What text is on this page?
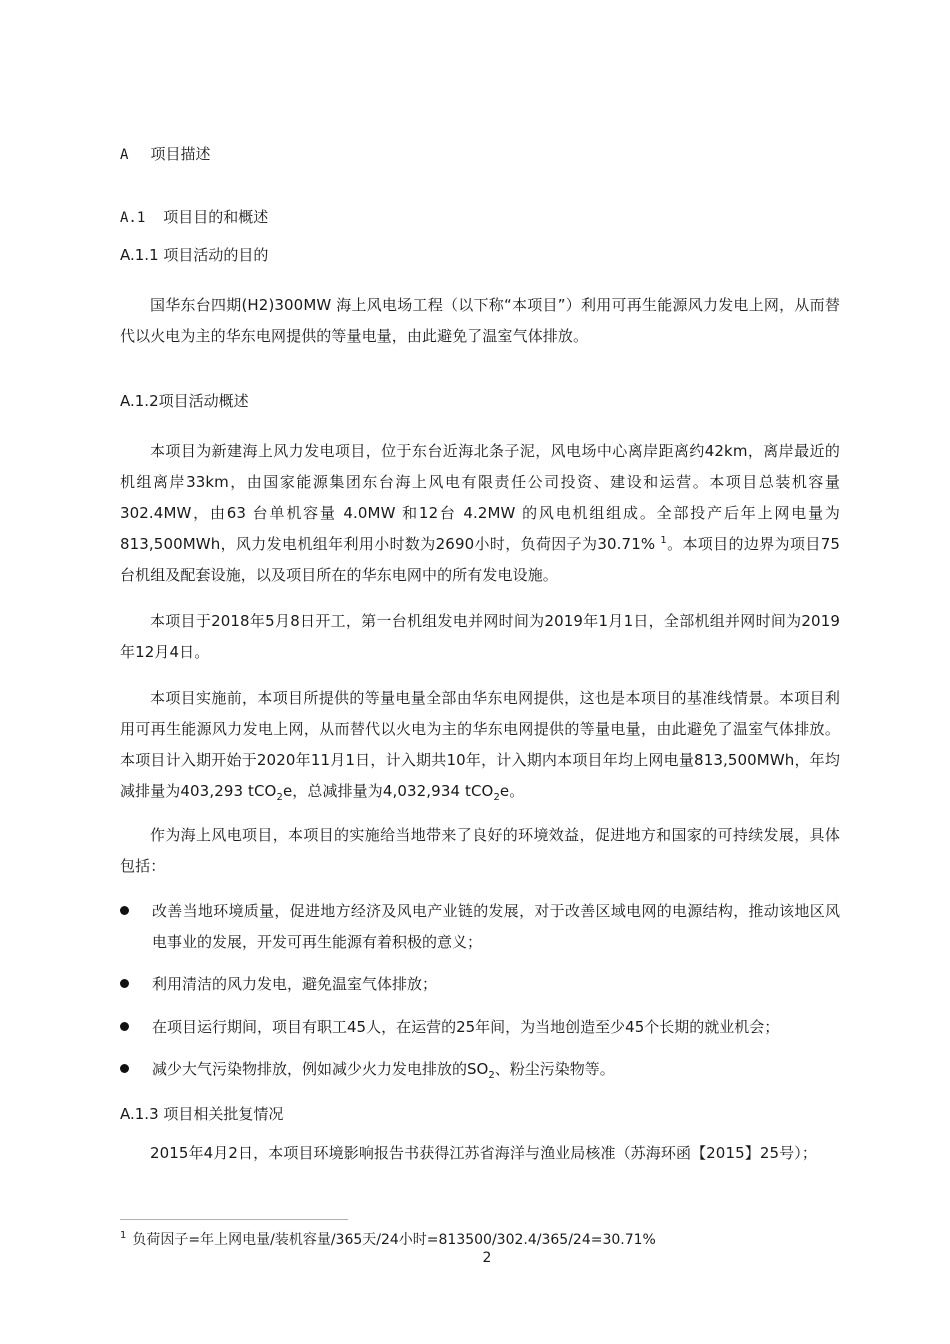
A 项目描述
A.1 项目目的和概述
A.1.1 项目活动的目的

国华东台四期(H2)300MW 海上风电场工程（以下称“本项目”）利用可再生能源风力发电上网，从而替代以火电为主的华东电网提供的等量电量，由此避免了温室气体排放。

A.1.2项目活动概述

本项目为新建海上风力发电项目，位于东台近海北条子泥，风电场中心离岸距离约42km，离岸最近的机组离岸33km，由国家能源集团东台海上风电有限责任公司投资、建设和运营。本项目总装机容量302.4MW，由63 台单机容量 4.0MW 和12台 4.2MW 的风电机组组成。全部投产后年上网电量为813,500MWh，风力发电机组年利用小时数为2690小时，负荷因子为30.71% $^1$。本项目的边界为项目75台机组及配套设施，以及项目所在的华东电网中的所有发电设施。

本项目于2018年5月8日开工，第一台机组发电并网时间为2019年1月1日，全部机组并网时间为2019年12月4日。

本项目实施前，本项目所提供的等量电量全部由华东电网提供，这也是本项目的基准线情景。本项目利用可再生能源风力发电上网，从而替代以火电为主的华东电网提供的等量电量，由此避免了温室气体排放。本项目计入期开始于2020年11月1日，计入期共10年，计入期内本项目年均上网电量813,500MWh，年均减排量为403,293 tCO$_2$e，总减排量为4,032,934 tCO$_2$e。

作为海上风电项目，本项目的实施给当地带来了良好的环境效益，促进地方和国家的可持续发展，具体包括：

改善当地环境质量，促进地方经济及风电产业链的发展，对于改善区域电网的电源结构，推动该地区风电事业的发展，开发可再生能源有着积极的意义；
利用清洁的风力发电，避免温室气体排放；
在项目运行期间，项目有职工45人，在运营的25年间，为当地创造至少45个长期的就业机会；
减少大气污染物排放，例如减少火力发电排放的$SO_2$、粉尘污染物等。
A.1.3 项目相关批复情况

2015年4月2日，本项目环境影响报告书获得江苏省海洋与渔业局核准（苏海环函【2015】25号）；

$^1$ 负荷因子=年上网电量/装机容量/365天/24小时=813500/302.4/365/24=30.71%
2
